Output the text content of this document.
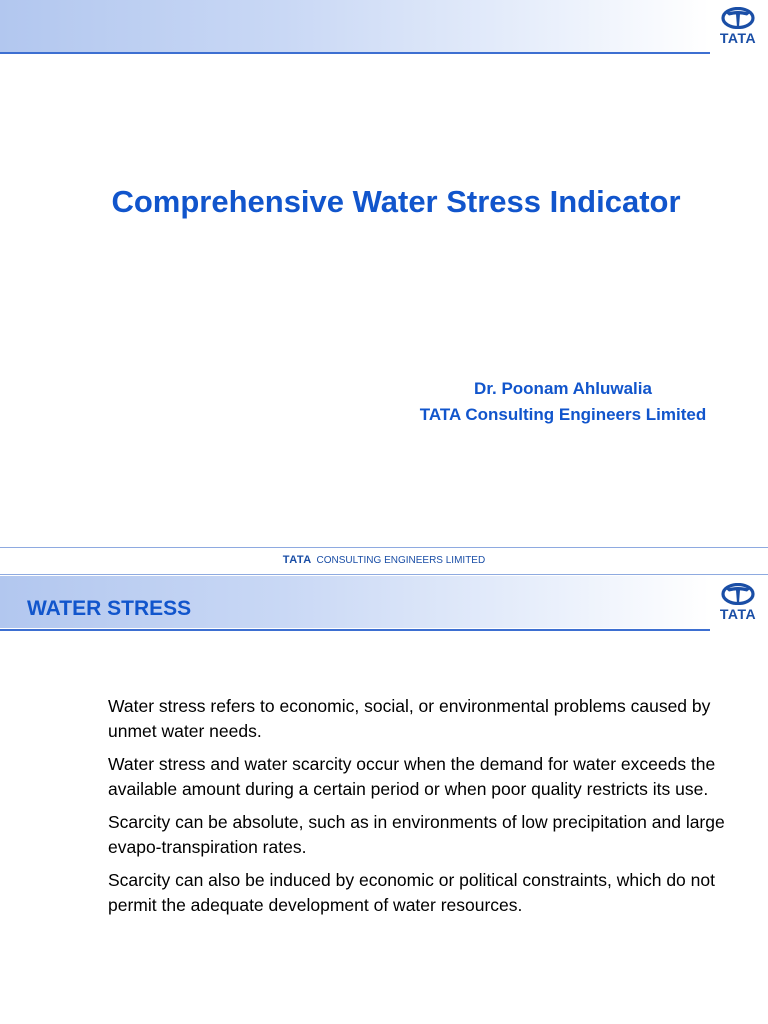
TATA
Comprehensive Water Stress Indicator
Dr. Poonam Ahluwalia
TATA Consulting Engineers Limited
TATA CONSULTING ENGINEERS LIMITED
WATER STRESS	TATA

Water stress refers to economic, social, or environmental problems caused by unmet water needs.

Water stress and water scarcity occur when the demand for water exceeds the available amount during a certain period or when poor quality restricts its use.

Scarcity can be absolute, such as in environments of low precipitation and large evapo-transpiration rates.

Scarcity can also be induced by economic or political constraints, which do not permit the adequate development of water resources.
